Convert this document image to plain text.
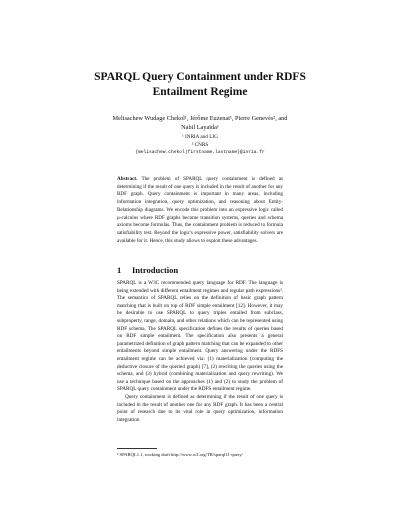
SPARQL Query Containment under RDFS
Entailment Regime
Melisachew Wudage Chekol¹, Jérôme Euzenat¹, Pierre Genevès², and
Nabil Layaïda¹
¹ INRIA and LIG
² CNRS
{melisachew.chekol|firstname.lastname}@inria.fr
Abstract. The problem of SPARQL query containment is defined as determining if the result of one query is included in the result of another for any RDF graph. Query containment is important in many areas, including information integration, query optimization, and reasoning about Entity-Relationship diagrams. We encode this problem into an expressive logic called μ-calculus where RDF graphs become transition systems, queries and schema axioms become formulas. Thus, the containment problem is reduced to formula satisfiability test. Beyond the logic's expressive power, satisfiability solvers are available for it. Hence, this study allows to exploit these advantages.
1 Introduction

SPARQL is a W3C recommended query language for RDF. The language is being extended with different entailment regimes and regular path expressions³. The semantics of SPARQL relies on the definition of basic graph pattern matching that is built on top of RDF simple entailment [12]. However, it may be desirable to use SPARQL to query triples entailed from subclass, subproperty, range, domain, and other relations which can be represented using RDF schema. The SPARQL specification defines the results of queries based on RDF simple entailment. The specification also presents a general parametrized definition of graph pattern matching that can be expanded to other entailments beyond simple entailment. Query answering under the RDFS entailment regime can be achieved via: (1) materialization (computing the deductive closure of the queried graph) [7], (2) rewriting the queries using the schema, and (3) hybrid (combining materialization and query rewriting). We use a technique based on the approaches (1) and (2) to study the problem of SPARQL query containment under the RDFS entailment regime.

Query containment is defined as determining if the result of one query is included in the result of another one for any RDF graph. It has been a central point of research due to its vital role in query optimization, information integration

³ SPARQL1.1, working draft http://www.w3.org/TR/sparql11-query/
